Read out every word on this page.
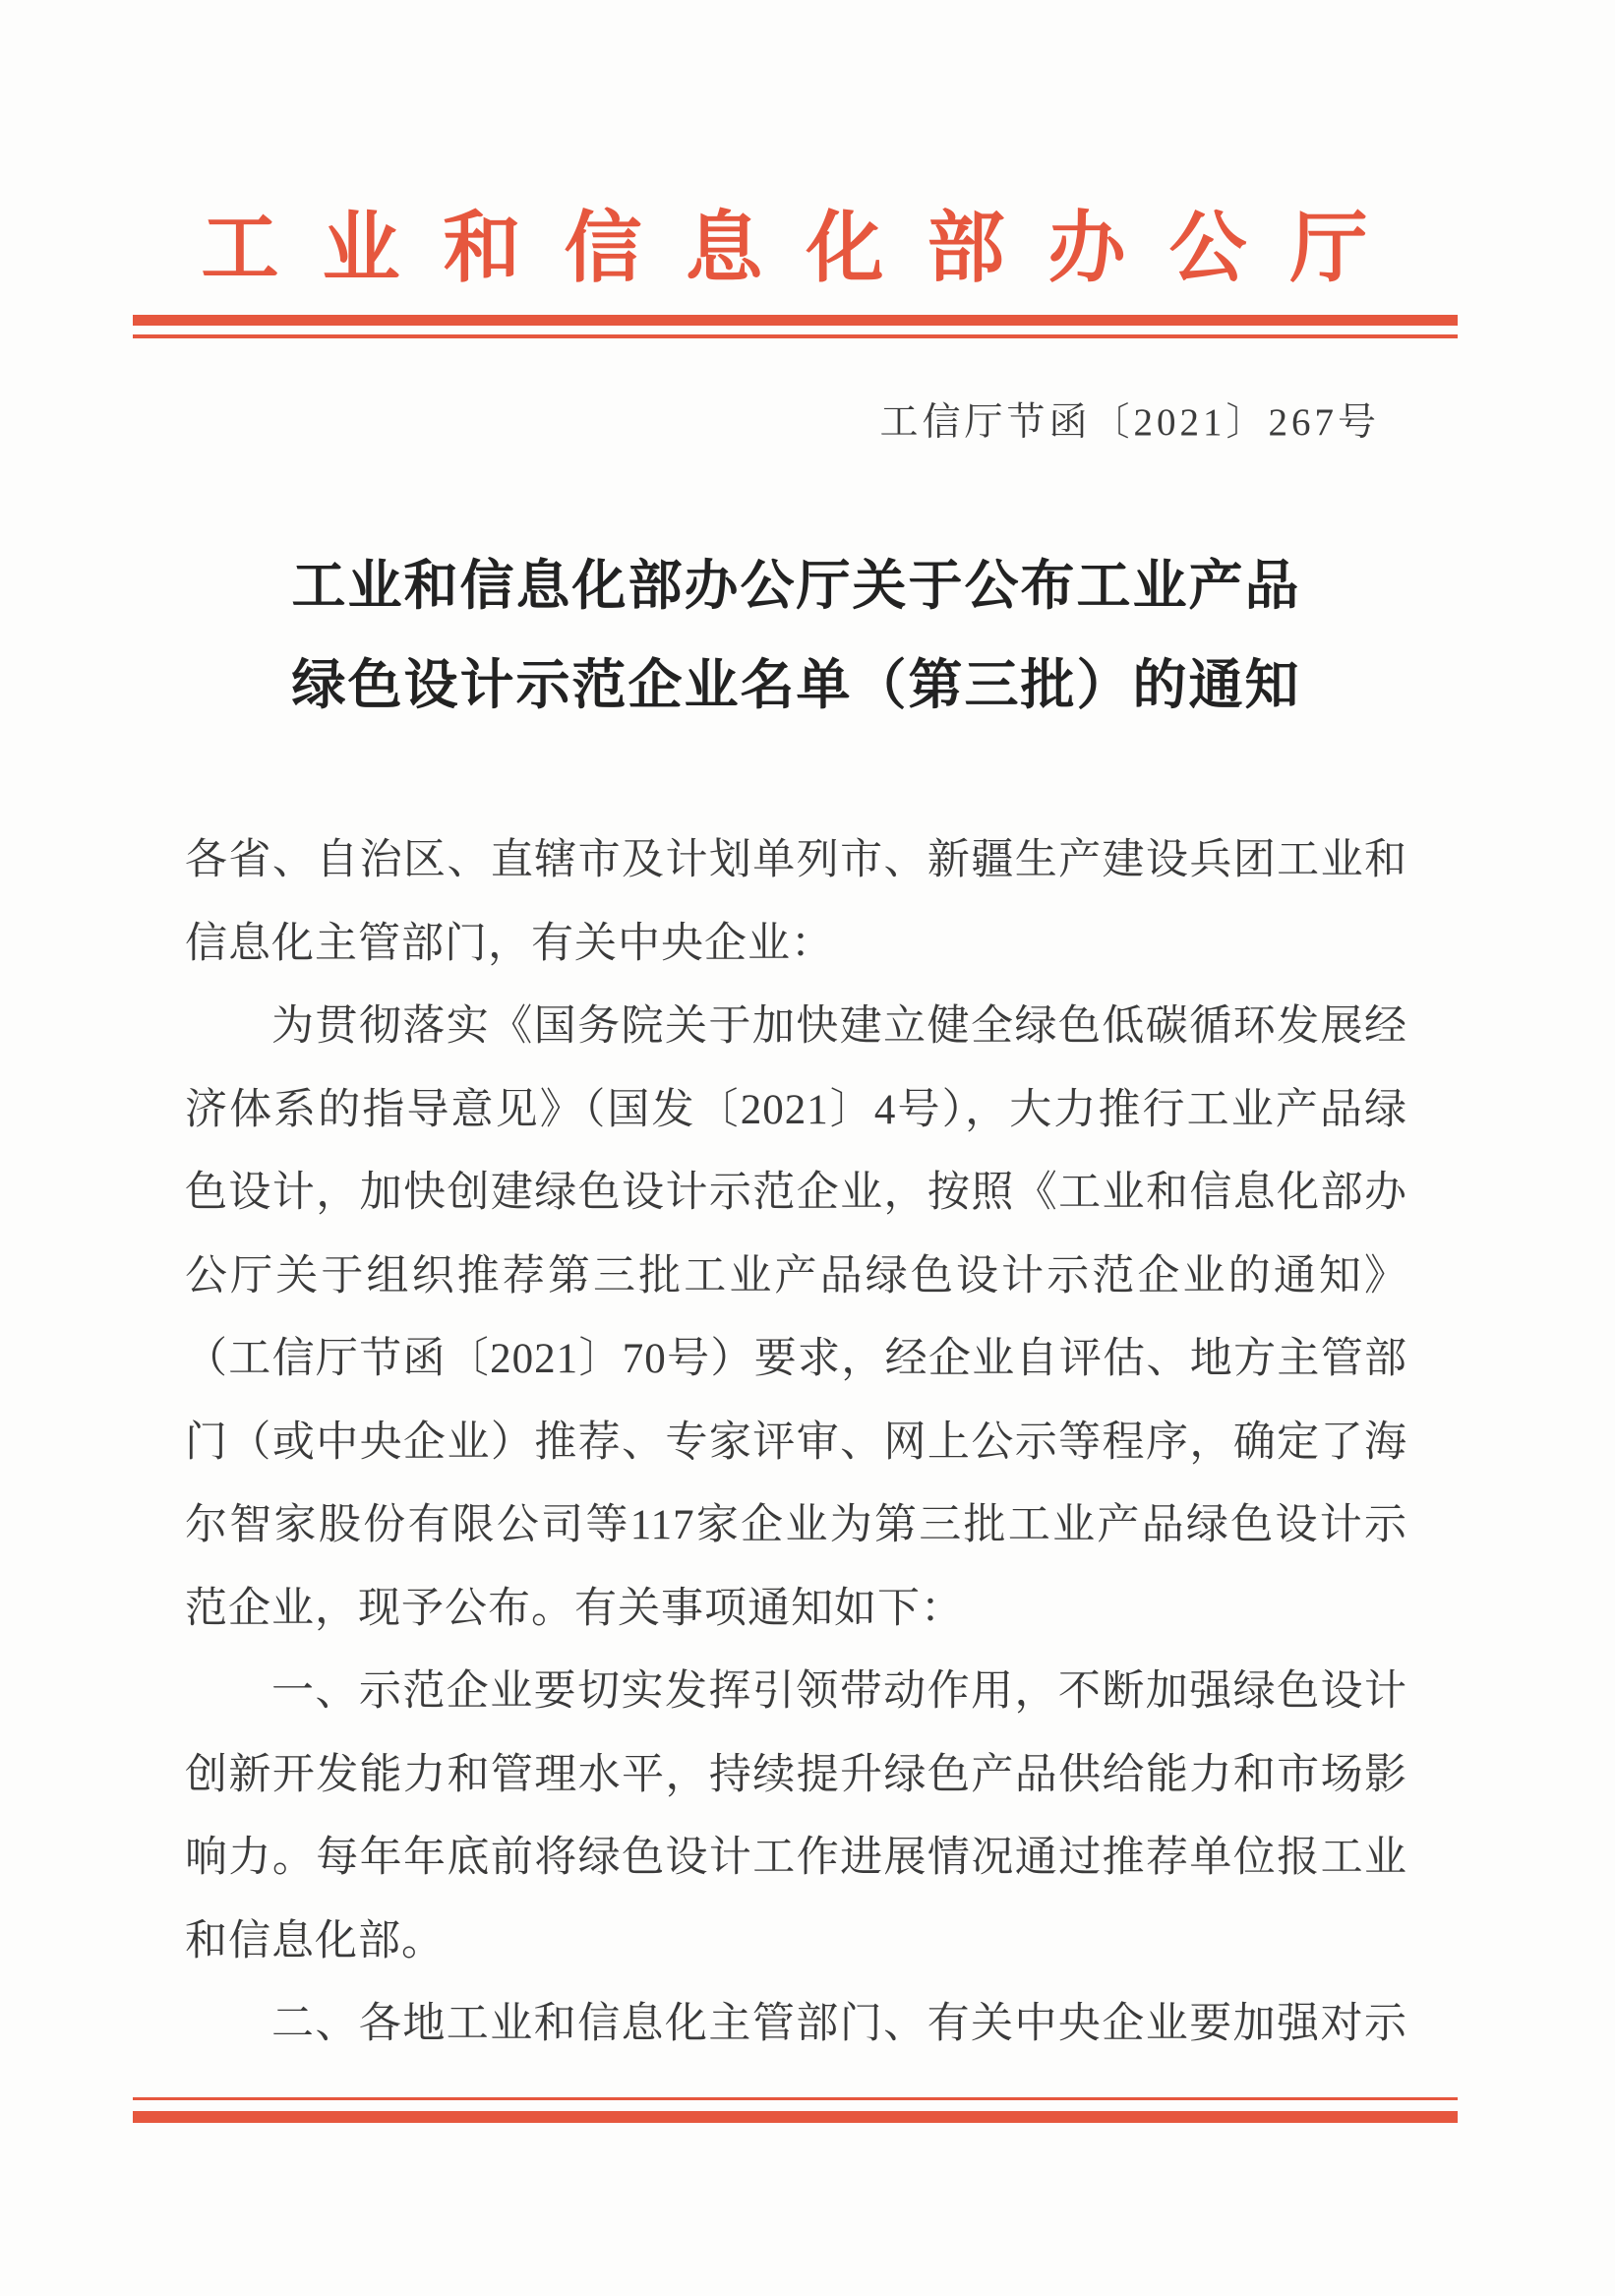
工业和信息化部办公厅
工信厅节函〔2021〕267号
工业和信息化部办公厅关于公布工业产品
绿色设计示范企业名单（第三批）的通知
各省、自治区、直辖市及计划单列市、新疆生产建设兵团工业和
信息化主管部门，有关中央企业：
为贯彻落实《国务院关于加快建立健全绿色低碳循环发展经
济体系的指导意见》（国发〔2021〕4号），大力推行工业产品绿
色设计，加快创建绿色设计示范企业，按照《工业和信息化部办
公厅关于组织推荐第三批工业产品绿色设计示范企业的通知》
（工信厅节函〔2021〕70号）要求，经企业自评估、地方主管部
门（或中央企业）推荐、专家评审、网上公示等程序，确定了海
尔智家股份有限公司等117家企业为第三批工业产品绿色设计示
范企业，现予公布。有关事项通知如下：
一、示范企业要切实发挥引领带动作用，不断加强绿色设计
创新开发能力和管理水平，持续提升绿色产品供给能力和市场影
响力。每年年底前将绿色设计工作进展情况通过推荐单位报工业
和信息化部。
二、各地工业和信息化主管部门、有关中央企业要加强对示
